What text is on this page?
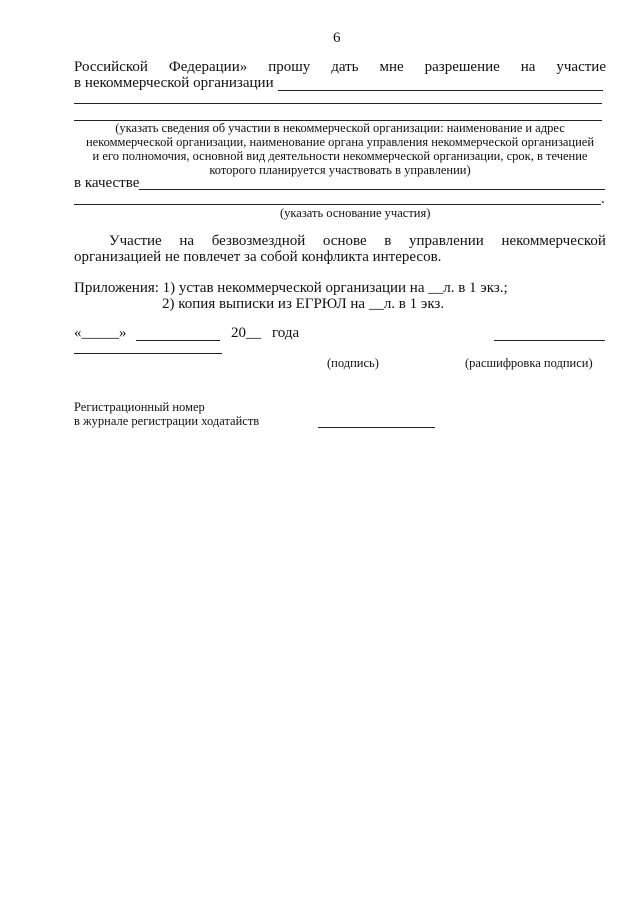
6
Российской Федерации» прошу дать мне разрешение на участие
в некоммерческой организации
(указать сведения об участии в некоммерческой организации: наименование и адрес
некоммерческой организации, наименование органа управления некоммерческой организацией
и его полномочия, основной вид деятельности некоммерческой организации, срок, в течение
которого планируется участвовать в управлении)
в качестве
.
(указать основание участия)
Участие на безвозмездной основе в управлении некоммерческой
организацией не повлечет за собой конфликта интересов.
Приложения: 1) устав некоммерческой организации на __л. в 1 экз.;
2) копия выписки из ЕГРЮЛ на __л. в 1 экз.
«_____»	20__ года
(подпись)	(расшифровка подписи)
Регистрационный номер
в журнале регистрации ходатайств
